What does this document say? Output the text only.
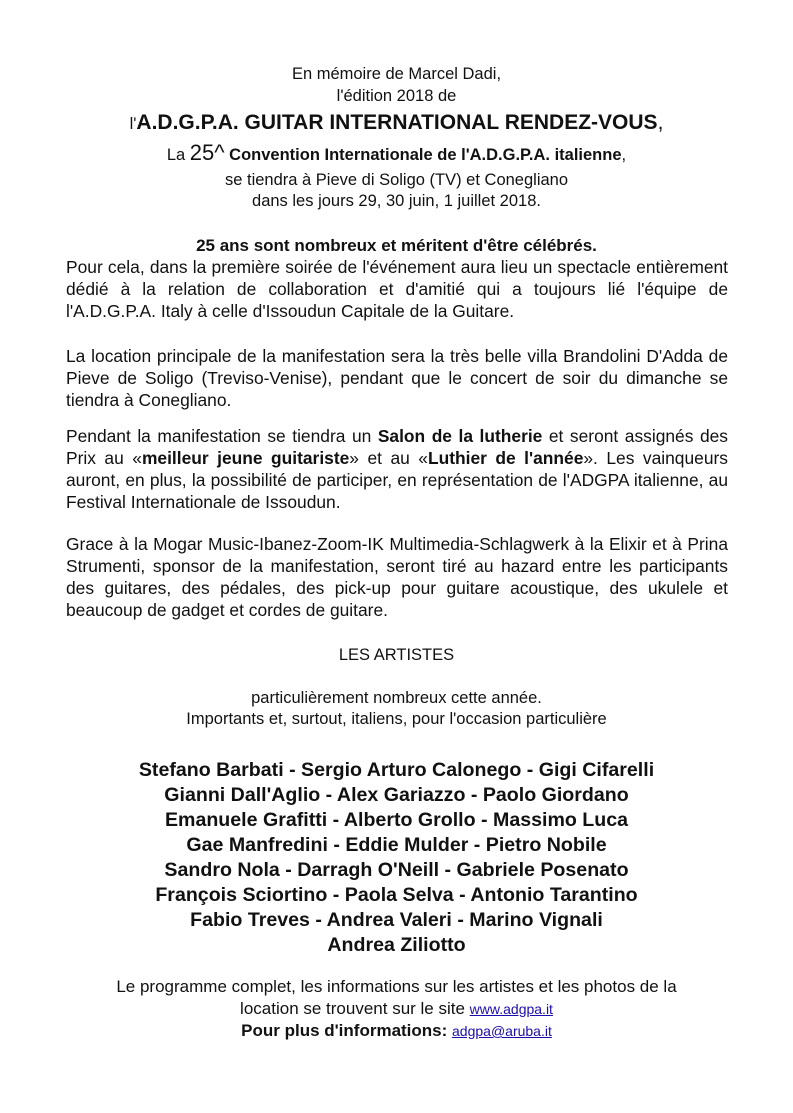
En mémoire de Marcel Dadi,
l'édition 2018 de
l'A.D.G.P.A. GUITAR INTERNATIONAL RENDEZ-VOUS,
La 25^ Convention Internationale de l'A.D.G.P.A. italienne,
se tiendra à Pieve di Soligo (TV) et Conegliano
dans les jours 29, 30 juin, 1 juillet 2018.
25 ans sont nombreux et méritent d'être célébrés.
Pour cela, dans la première soirée de l'événement aura lieu un spectacle entièrement dédié à la relation de collaboration et d'amitié qui a toujours lié l'équipe de l'A.D.G.P.A. Italy à celle d'Issoudun Capitale de la Guitare.
La location principale de la manifestation sera la très belle villa Brandolini D'Adda de Pieve de Soligo (Treviso-Venise), pendant que le concert de soir du dimanche se tiendra à Conegliano.
Pendant la manifestation se tiendra un Salon de la lutherie et seront assignés des Prix au «meilleur jeune guitariste» et au «Luthier de l'année». Les vainqueurs auront, en plus, la possibilité de participer, en représentation de l'ADGPA italienne, au Festival Internationale de Issoudun.
Grace à la Mogar Music-Ibanez-Zoom-IK Multimedia-Schlagwerk à la Elixir et à Prina Strumenti, sponsor de la manifestation, seront tiré au hazard entre les participants des guitares, des pédales, des pick-up pour guitare acoustique, des ukulele et beaucoup de gadget et cordes de guitare.
LES ARTISTES
particulièrement nombreux cette année.
Importants et, surtout, italiens, pour l'occasion particulière
Stefano Barbati - Sergio Arturo Calonego - Gigi Cifarelli
Gianni Dall'Aglio - Alex Gariazzo - Paolo Giordano
Emanuele Grafitti - Alberto Grollo - Massimo Luca
Gae Manfredini - Eddie Mulder - Pietro Nobile
Sandro Nola - Darragh O'Neill - Gabriele Posenato
François Sciortino - Paola Selva - Antonio Tarantino
Fabio Treves - Andrea Valeri - Marino Vignali
Andrea Ziliotto
Le programme complet, les informations sur les artistes et les photos de la
location se trouvent sur le site www.adgpa.it
Pour plus d'informations: adgpa@aruba.it
